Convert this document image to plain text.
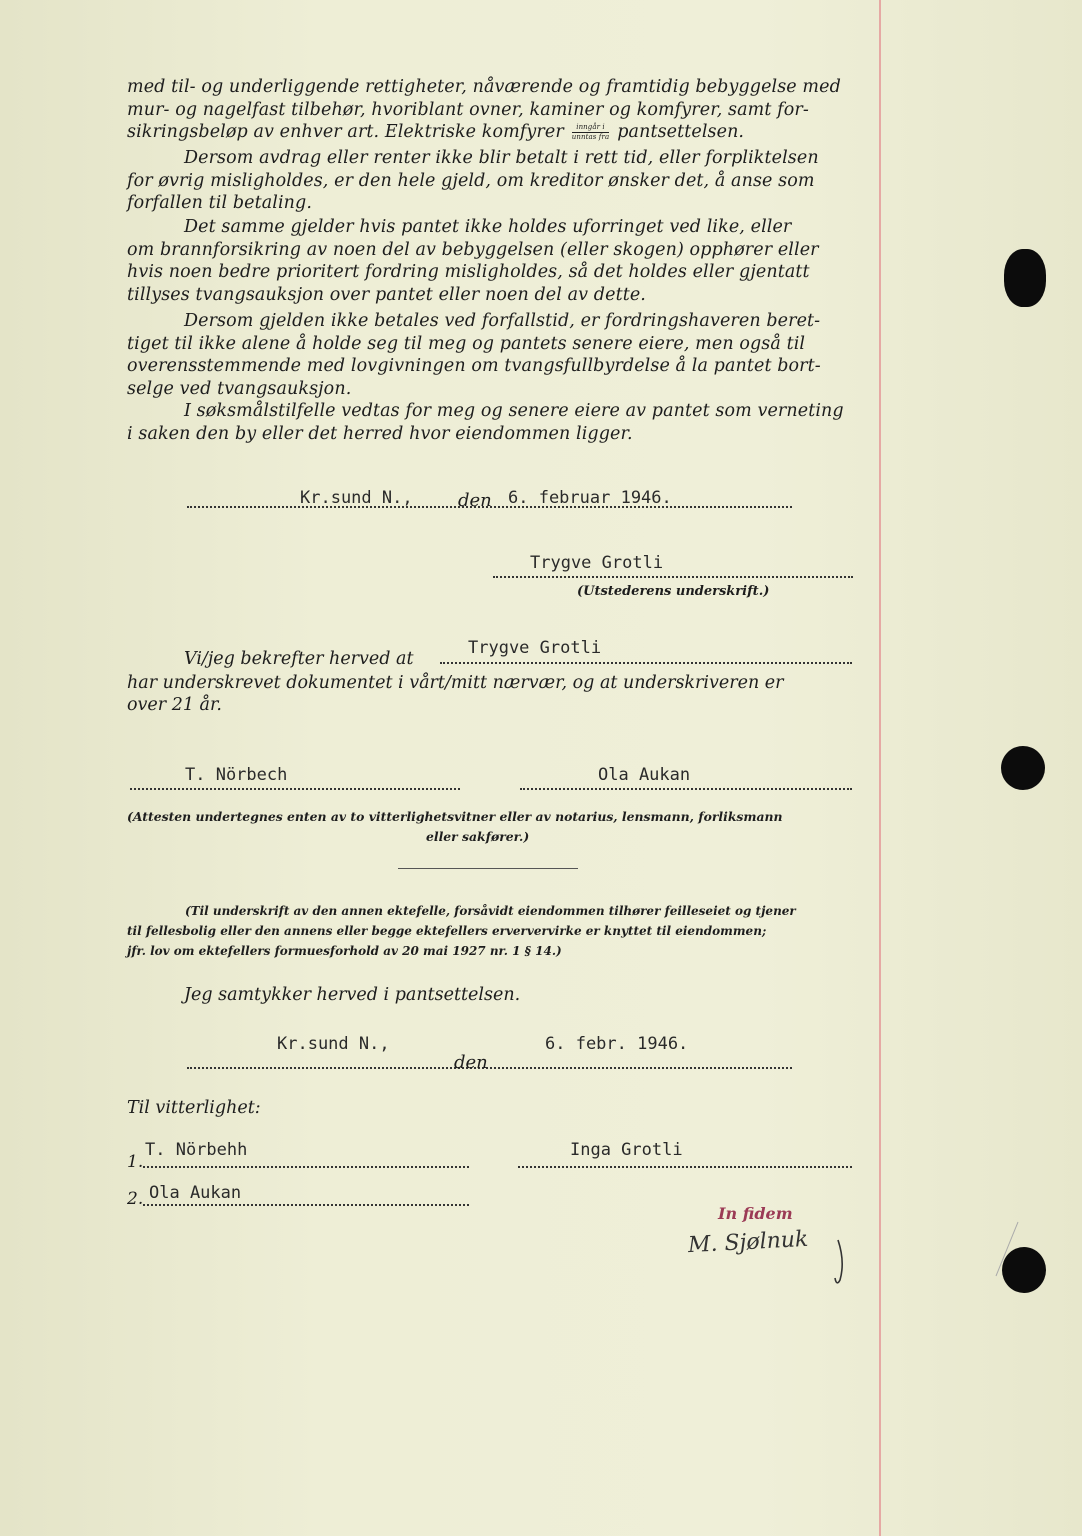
med til- og underliggende rettigheter, nåværende og framtidig bebyggelse med
mur- og nagelfast tilbehør, hvoriblant ovner, kaminer og komfyrer, samt for-
sikringsbeløp av enhver art. Elektriske komfyrer $\frac{\text{inngår i}}{\text{unntas fra}}$ pantsettelsen.
Dersom avdrag eller renter ikke blir betalt i rett tid, eller forpliktelsen
for øvrig misligholdes, er den hele gjeld, om kreditor ønsker det, å anse som
forfallen til betaling.
Det samme gjelder hvis pantet ikke holdes uforringet ved like, eller
om brannforsikring av noen del av bebyggelsen (eller skogen) opphører eller
hvis noen bedre prioritert fordring misligholdes, så det holdes eller gjentatt
tillyses tvangsauksjon over pantet eller noen del av dette.
Dersom gjelden ikke betales ved forfallstid, er fordringshaveren beret-
tiget til ikke alene å holde seg til meg og pantets senere eiere, men også til
overensstemmende med lovgivningen om tvangsfullbyrdelse å la pantet bort-
selge ved tvangsauksjon.
I søksmålstilfelle vedtas for meg og senere eiere av pantet som verneting
i saken den by eller det herred hvor eiendommen ligger.
Kr.sund N.,	den 6. februar 1946.
Trygve Grotli
(Utstederens underskrift.)
Vi/jeg bekrefter herved at
Trygve Grotli
har underskrevet dokumentet i vårt/mitt nærvær, og at underskriveren er
over 21 år.
T. Nörbech	Ola Aukan
(Attesten undertegnes enten av to vitterlighetsvitner eller av notarius, lensmann, forliksmann
eller sakfører.)
(Til underskrift av den annen ektefelle, forsåvidt eiendommen tilhører feilleseiet og tjener
til fellesbolig eller den annens eller begge ektefellers erververvirke er knyttet til eiendommen;
jfr. lov om ektefellers formuesforhold av 20 mai 1927 nr. 1 § 14.)
Jeg samtykker herved i pantsettelsen.
Kr.sund N.,
den
6. febr. 1946.
Til vitterlighet:
1.
T. Nörbehh	Inga Grotli
2. Ola Aukan
In fidem
M. Sjølnuk
